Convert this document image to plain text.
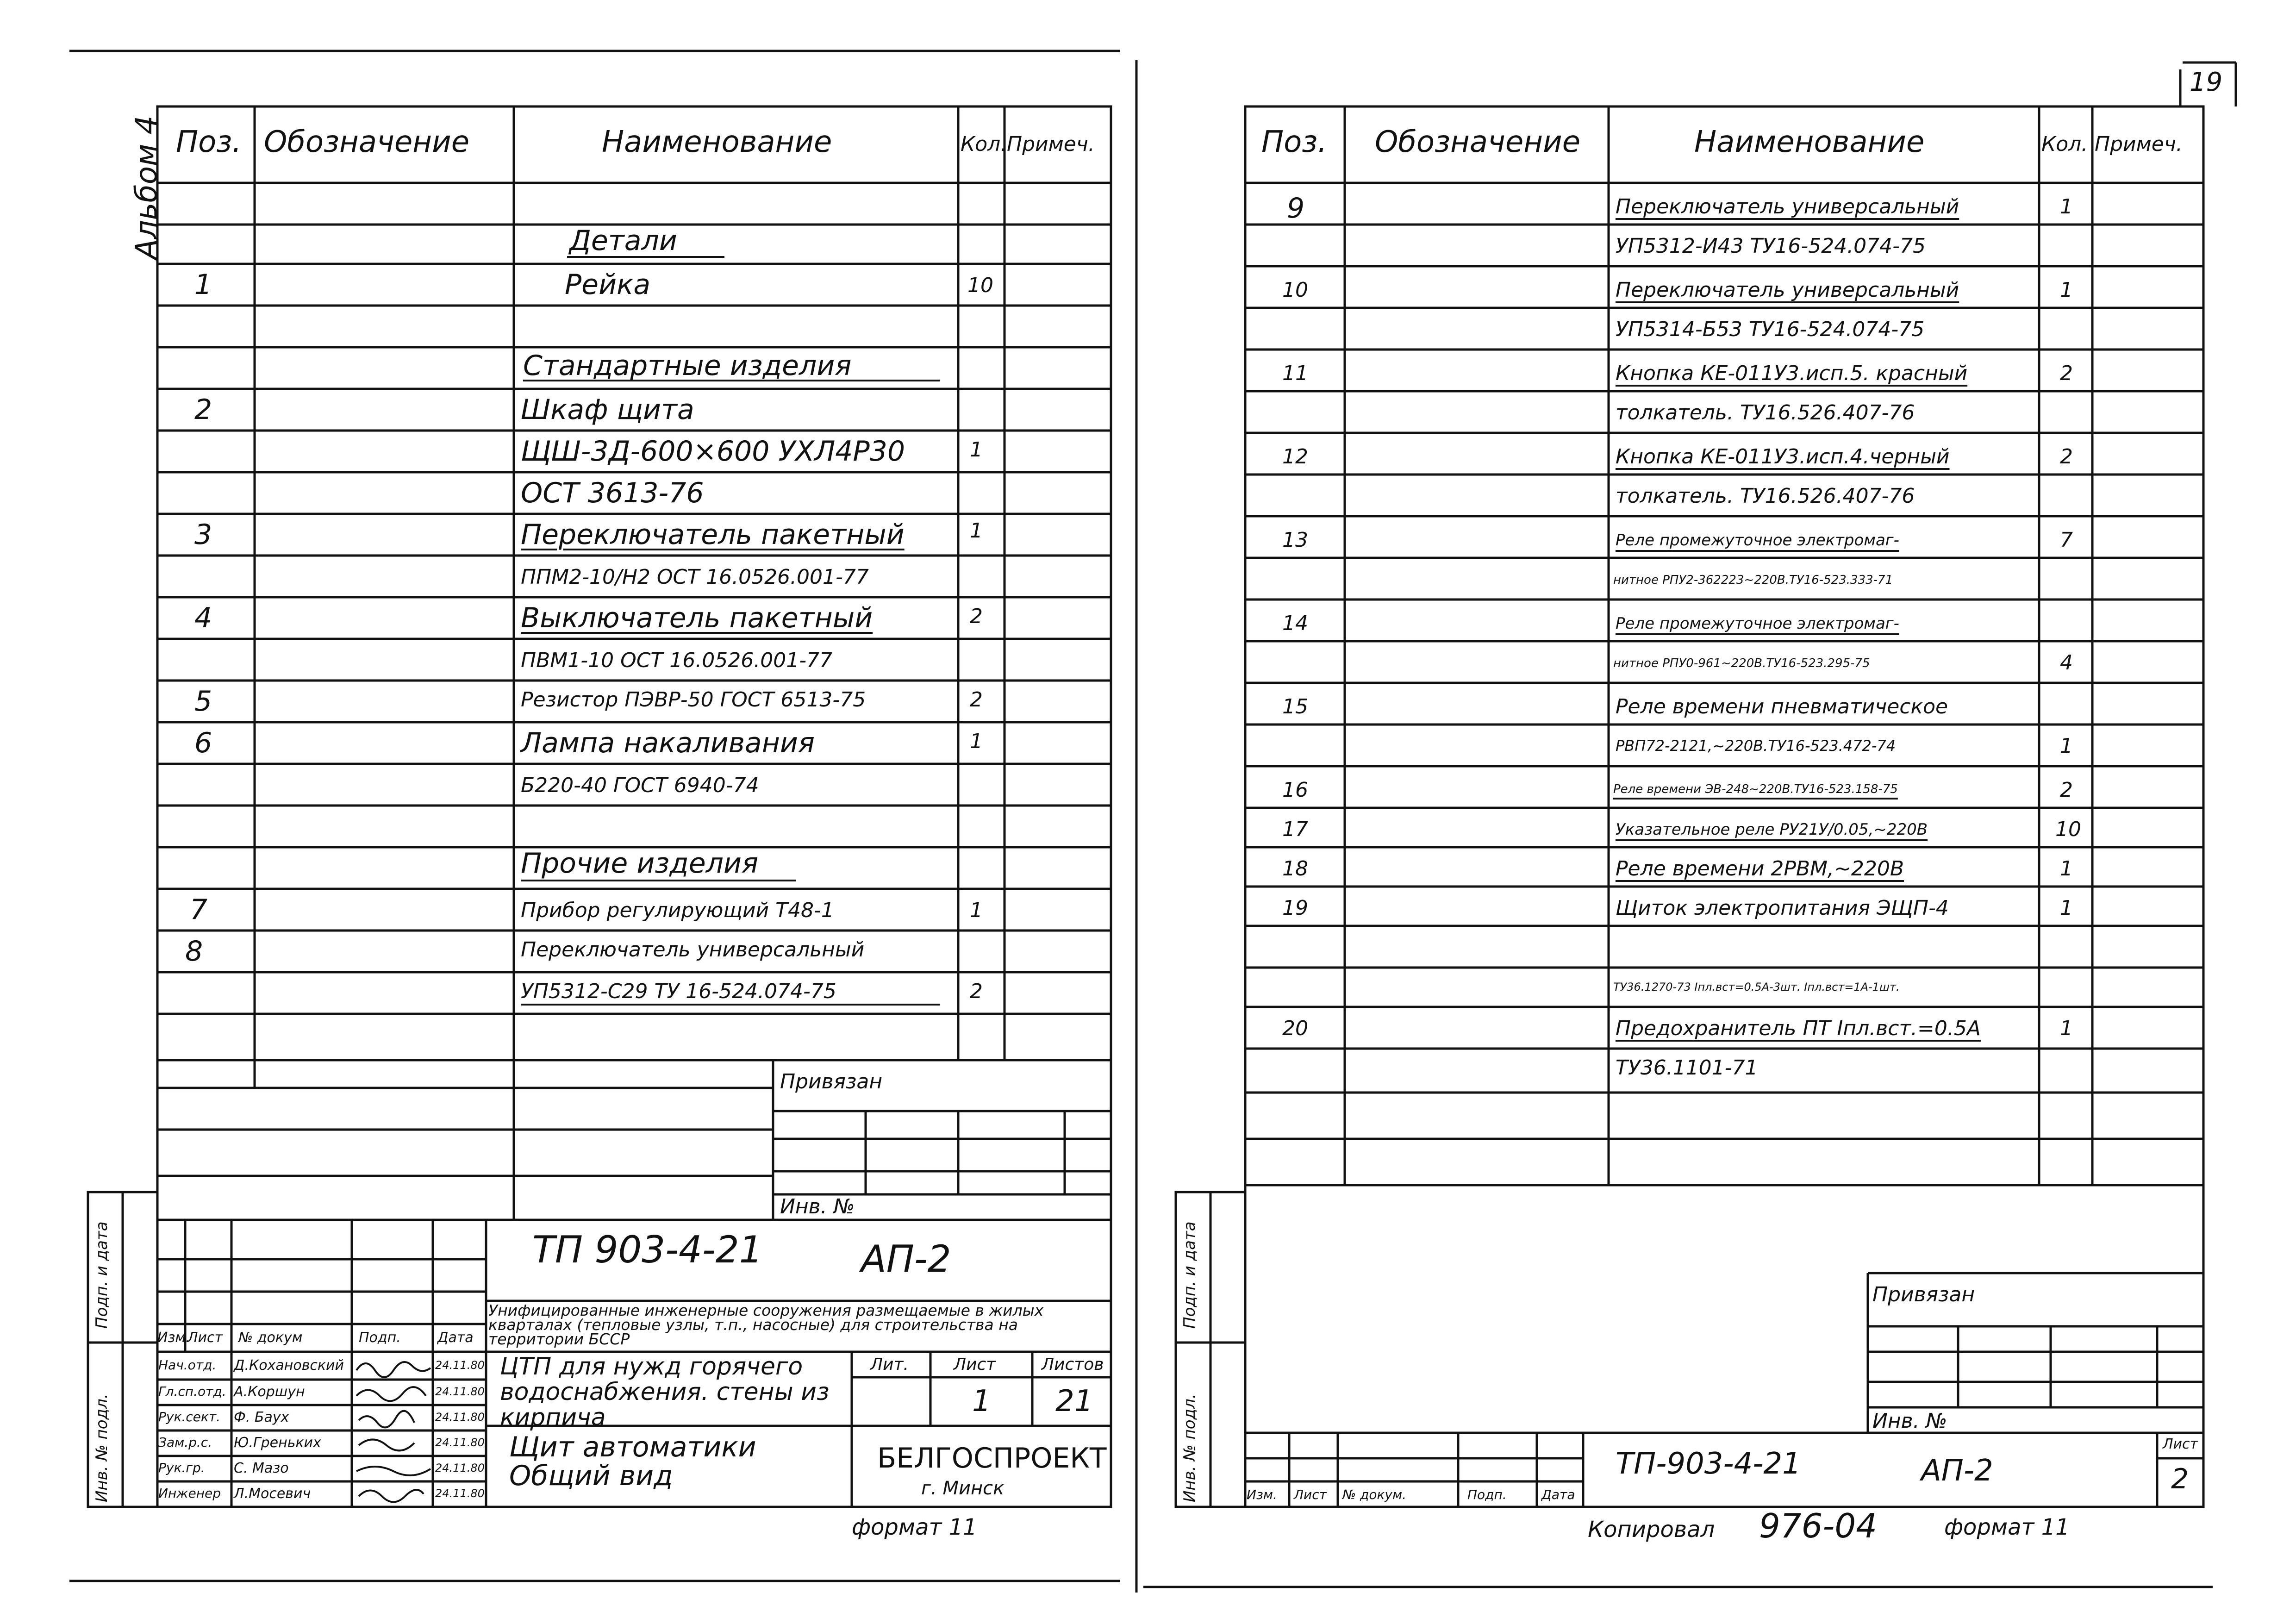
19
Альбом 4 Поз. Обозначение	Наименование	Кол. Примеч.
Детали
1	Рейка	10
Стандартные изделия
2	Шкаф щита
ЩШ-3Д-600×600 УХЛ4Р30	1
ОСТ 3613-76
3	Переключатель пакетный	1
ППМ2-10/Н2 ОСТ 16.0526.001-77
4	Выключатель пакетный	2
ПВМ1-10 ОСТ 16.0526.001-77
5	Резистор ПЭВР-50 ГОСТ 6513-75	2
6	Лампа накаливания	1
Б220-40 ГОСТ 6940-74
Прочие изделия
7	Прибор регулирующий Т48-1	1
8	Переключатель универсальный
УП5312-С29 ТУ 16-524.074-75	2
Привязан
Инв. №
Подп. и дата
Инв. № подл.
Изм.
Лист № докум	Подп.	Дата
Нач.отд. Д.Кохановский	24.11.80
Гл.сп.отд. А.Коршун	24.11.80
Рук.сект. Ф. Баух	24.11.80
Зам.р.с. Ю.Греньких	24.11.80
Рук.гр. С. Мазо	24.11.80
Инженер Л.Мосевич	24.11.80
ТП 903-4-21	АП-2
Унифицированные инженерные сооружения размещаемые в жилых кварталах (тепловые узлы, т.п., насосные) для строительства на территории БССР
ЦТП для нужд горячего водоснабжения. стены из кирпича
Щит автоматики Общий вид
Лит.	Лист	Листов
1 21
БЕЛГОСПРОЕКТ
г. Минск
формат 11
Поз. Обозначение	Наименование	Кол. Примеч.
9	Переключатель универсальный	1
УП5312-И43 ТУ16-524.074-75
10	Переключатель универсальный	1
УП5314-Б53 ТУ16-524.074-75
11	Кнопка КЕ-011У3.исп.5. красный	2
толкатель. ТУ16.526.407-76
12	Кнопка КЕ-011У3.исп.4.черный	2
толкатель. ТУ16.526.407-76
13	Реле промежуточное электромаг-	7
нитное РПУ2-362223~220В.ТУ16-523.333-71
14	Реле промежуточное электромаг-
нитное РПУ0-961~220В.ТУ16-523.295-75	4
15	Реле времени пневматическое
РВП72-2121,~220В.ТУ16-523.472-74	1
16	Реле времени ЭВ-248~220В.ТУ16-523.158-75	2
17	Указательное реле РУ21У/0.05,~220В	10
18	Реле времени 2РВМ,~220В	1
19	Щиток электропитания ЭЩП-4	1
ТУ36.1270-73 Iпл.вст=0.5А-3шт. Iпл.вст=1А-1шт.
20	Предохранитель ПТ Iпл.вст.=0.5А	1
ТУ36.1101-71
Привязан
Инв. №
Подп. и дата
Инв. № подл.	Изм. Лист № докум.	Подп.	Дата
ТП-903-4-21	АП-2
Лист
2
Копировал 976-04	формат 11
